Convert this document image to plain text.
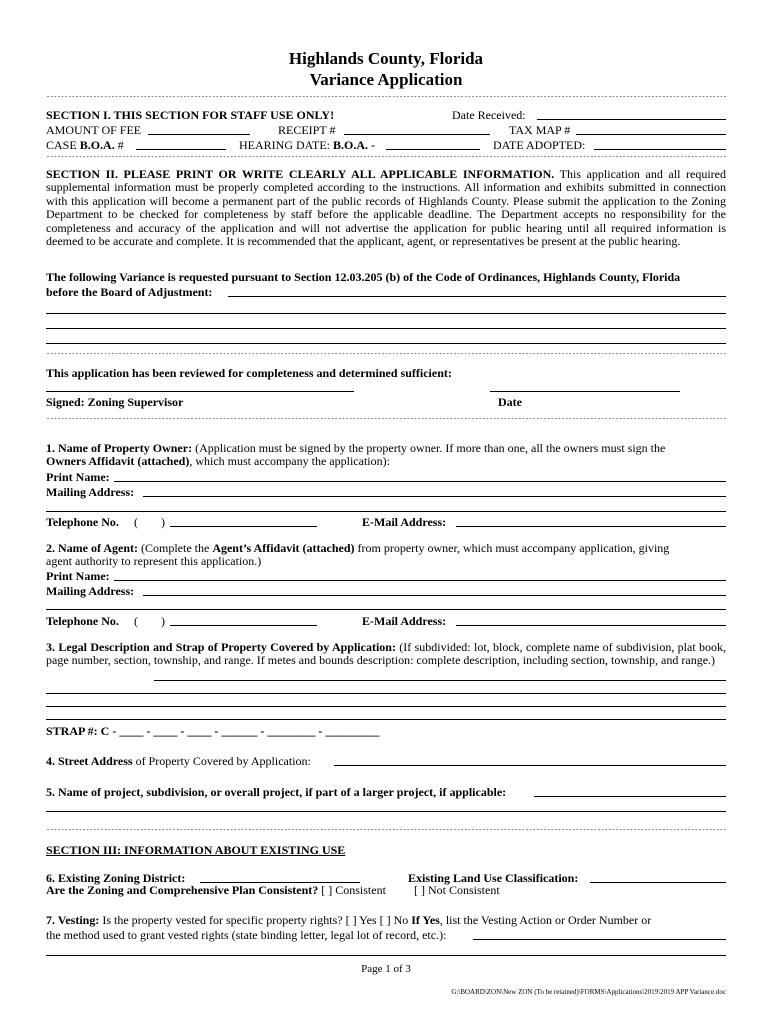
Highlands County, Florida
Variance Application
*****
SECTION I. THIS SECTION FOR STAFF USE ONLY!	Date Received:
AMOUNT OF FEE	RECEIPT #	TAX MAP #
CASE B.O.A. #	HEARING DATE: B.O.A. -	DATE ADOPTED:
*****
SECTION II. PLEASE PRINT OR WRITE CLEARLY ALL APPLICABLE INFORMATION. This application and all required supplemental information must be properly completed according to the instructions. All information and exhibits submitted in connection with this application will become a permanent part of the public records of Highlands County. Please submit the application to the Zoning Department to be checked for completeness by staff before the applicable deadline. The Department accepts no responsibility for the completeness and accuracy of the application and will not advertise the application for public hearing until all required information is deemed to be accurate and complete. It is recommended that the applicant, agent, or representatives be present at the public hearing.
The following Variance is requested pursuant to Section 12.03.205 (b) of the Code of Ordinances, Highlands County, Florida
before the Board of Adjustment:
*****
This application has been reviewed for completeness and determined sufficient:
Signed: Zoning Supervisor	Date
*****
1. Name of Property Owner: (Application must be signed by the property owner. If more than one, all the owners must sign the
Owners Affidavit (attached), which must accompany the application):
Print Name:
Mailing Address:
Telephone No. ( )	E-Mail Address:
2. Name of Agent: (Complete the Agent’s Affidavit (attached) from property owner, which must accompany application, giving
agent authority to represent this application.)
Print Name:
Mailing Address:
Telephone No. ( )	E-Mail Address:
3. Legal Description and Strap of Property Covered by Application: (If subdivided: lot, block, complete name of subdivision, plat book, page number, section, township, and range. If metes and bounds description: complete description, including section, township, and range.)
STRAP #: C - ____ - ____ - ____ - ______ - ________ - _________
4. Street Address of Property Covered by Application:
5. Name of project, subdivision, or overall project, if part of a larger project, if applicable:
*****
SECTION III: INFORMATION ABOUT EXISTING USE
6. Existing Zoning District:	Existing Land Use Classification:
Are the Zoning and Comprehensive Plan Consistent? [ ] Consistent [ ] Not Consistent
7. Vesting: Is the property vested for specific property rights? [ ] Yes [ ] No If Yes, list the Vesting Action or Order Number or
the method used to grant vested rights (state binding letter, legal lot of record, etc.):
Page 1 of 3
G:\BOARD\ZON\New ZON (To be retained)\FORMS\Applications\2019\2019 APP Variance.doc
